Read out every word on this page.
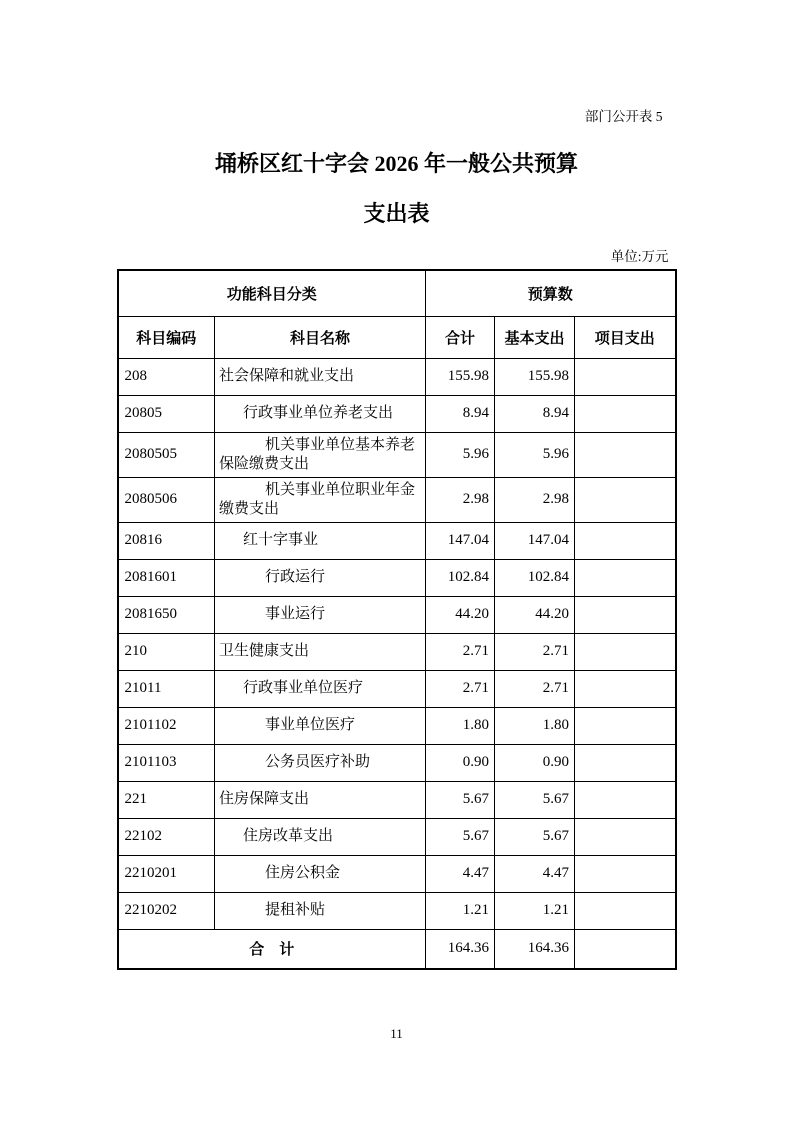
部门公开表 5
埇桥区红十字会 2026 年一般公共预算
支出表
单位:万元
功能科目分类		预算数		
科目编码	科目名称	合计	基本支出	项目支出
208	社会保障和就业支出	155.98	155.98	
20805	行政事业单位养老支出	8.94	8.94	
2080505	机关事业单位基本养老保险缴费支出	5.96	5.96	
2080506	机关事业单位职业年金缴费支出	2.98	2.98	
20816	红十字事业	147.04	147.04	
2081601	行政运行	102.84	102.84	
2081650	事业运行	44.20	44.20	
210	卫生健康支出	2.71	2.71	
21011	行政事业单位医疗	2.71	2.71	
2101102	事业单位医疗	1.80	1.80	
2101103	公务员医疗补助	0.90	0.90	
221	住房保障支出	5.67	5.67	
22102	住房改革支出	5.67	5.67	
2210201	住房公积金	4.47	4.47	
2210202	提租补贴	1.21	1.21	
合　计		164.36	164.36	
11
